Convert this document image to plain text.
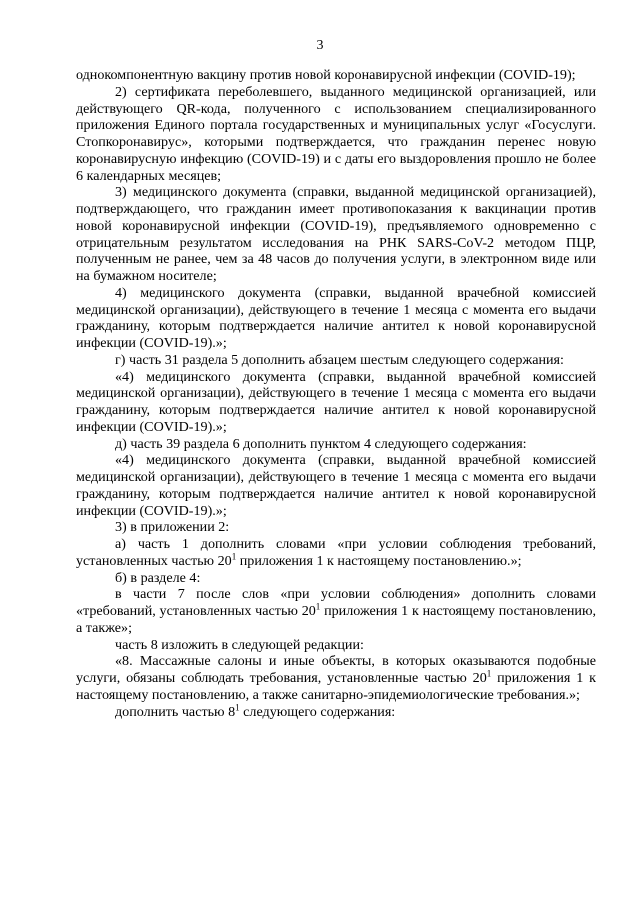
3

однокомпонентную вакцину против новой коронавирусной инфекции (COVID-19);

2) сертификата переболевшего, выданного медицинской организацией, или действующего QR-кода, полученного с использованием специализированного приложения Единого портала государственных и муниципальных услуг «Госуслуги. Стопкоронавирус», которыми подтверждается, что гражданин перенес новую коронавирусную инфекцию (COVID-19) и с даты его выздоровления прошло не более 6 календарных месяцев;

3) медицинского документа (справки, выданной медицинской организацией), подтверждающего, что гражданин имеет противопоказания к вакцинации против новой коронавирусной инфекции (COVID-19), предъявляемого одновременно с отрицательным результатом исследования на РНК SARS-CoV-2 методом ПЦР, полученным не ранее, чем за 48 часов до получения услуги, в электронном виде или на бумажном носителе;

4) медицинского документа (справки, выданной врачебной комиссией медицинской организации), действующего в течение 1 месяца с момента его выдачи гражданину, которым подтверждается наличие антител к новой коронавирусной инфекции (COVID-19).»;

г) часть 31 раздела 5 дополнить абзацем шестым следующего содержания:

«4) медицинского документа (справки, выданной врачебной комиссией медицинской организации), действующего в течение 1 месяца с момента его выдачи гражданину, которым подтверждается наличие антител к новой коронавирусной инфекции (COVID-19).»;

д) часть 39 раздела 6 дополнить пунктом 4 следующего содержания:

«4) медицинского документа (справки, выданной врачебной комиссией медицинской организации), действующего в течение 1 месяца с момента его выдачи гражданину, которым подтверждается наличие антител к новой коронавирусной инфекции (COVID-19).»;

3) в приложении 2:

а) часть 1 дополнить словами «при условии соблюдения требований, установленных частью $20^1$ приложения 1 к настоящему постановлению.»;

б) в разделе 4:

в части 7 после слов «при условии соблюдения» дополнить словами «требований, установленных частью $20^1$ приложения 1 к настоящему постановлению, а также»;

часть 8 изложить в следующей редакции:

«8. Массажные салоны и иные объекты, в которых оказываются подобные услуги, обязаны соблюдать требования, установленные частью $20^1$ приложения 1 к настоящему постановлению, а также санитарно-эпидемиологические требования.»;

дополнить частью $8^1$ следующего содержания:
